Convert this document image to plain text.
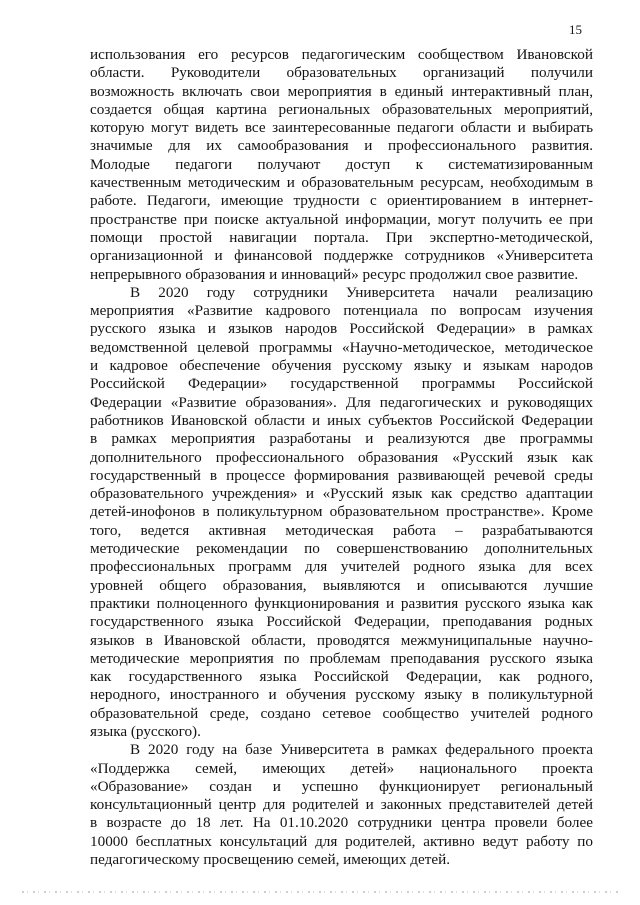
15
использования его ресурсов педагогическим сообществом Ивановской
области. Руководители образовательных организаций получили
возможность включать свои мероприятия в единый интерактивный план,
создается общая картина региональных образовательных мероприятий,
которую могут видеть все заинтересованные педагоги области и выбирать
значимые для их самообразования и профессионального развития.
Молодые педагоги получают доступ к систематизированным
качественным методическим и образовательным ресурсам, необходимым в
работе. Педагоги, имеющие трудности с ориентированием в интернет-
пространстве при поиске актуальной информации, могут получить ее при
помощи простой навигации портала. При экспертно-методической,
организационной и финансовой поддержке сотрудников «Университета
непрерывного образования и инноваций» ресурс продолжил свое развитие.
В 2020 году сотрудники Университета начали реализацию
мероприятия «Развитие кадрового потенциала по вопросам изучения
русского языка и языков народов Российской Федерации» в рамках
ведомственной целевой программы «Научно-методическое, методическое
и кадровое обеспечение обучения русскому языку и языкам народов
Российской Федерации» государственной программы Российской
Федерации «Развитие образования». Для педагогических и руководящих
работников Ивановской области и иных субъектов Российской Федерации
в рамках мероприятия разработаны и реализуются две программы
дополнительного профессионального образования «Русский язык как
государственный в процессе формирования развивающей речевой среды
образовательного учреждения» и «Русский язык как средство адаптации
детей-инофонов в поликультурном образовательном пространстве». Кроме
того, ведется активная методическая работа – разрабатываются
методические рекомендации по совершенствованию дополнительных
профессиональных программ для учителей родного языка для всех
уровней общего образования, выявляются и описываются лучшие
практики полноценного функционирования и развития русского языка как
государственного языка Российской Федерации, преподавания родных
языков в Ивановской области, проводятся межмуниципальные научно-
методические мероприятия по проблемам преподавания русского языка
как государственного языка Российской Федерации, как родного,
неродного, иностранного и обучения русскому языку в поликультурной
образовательной среде, создано сетевое сообщество учителей родного
языка (русского).
В 2020 году на базе Университета в рамках федерального проекта
«Поддержка семей, имеющих детей» национального проекта
«Образование» создан и успешно функционирует региональный
консультационный центр для родителей и законных представителей детей
в возрасте до 18 лет. На 01.10.2020 сотрудники центра провели более
10000 бесплатных консультаций для родителей, активно ведут работу по
педагогическому просвещению семей, имеющих детей.
